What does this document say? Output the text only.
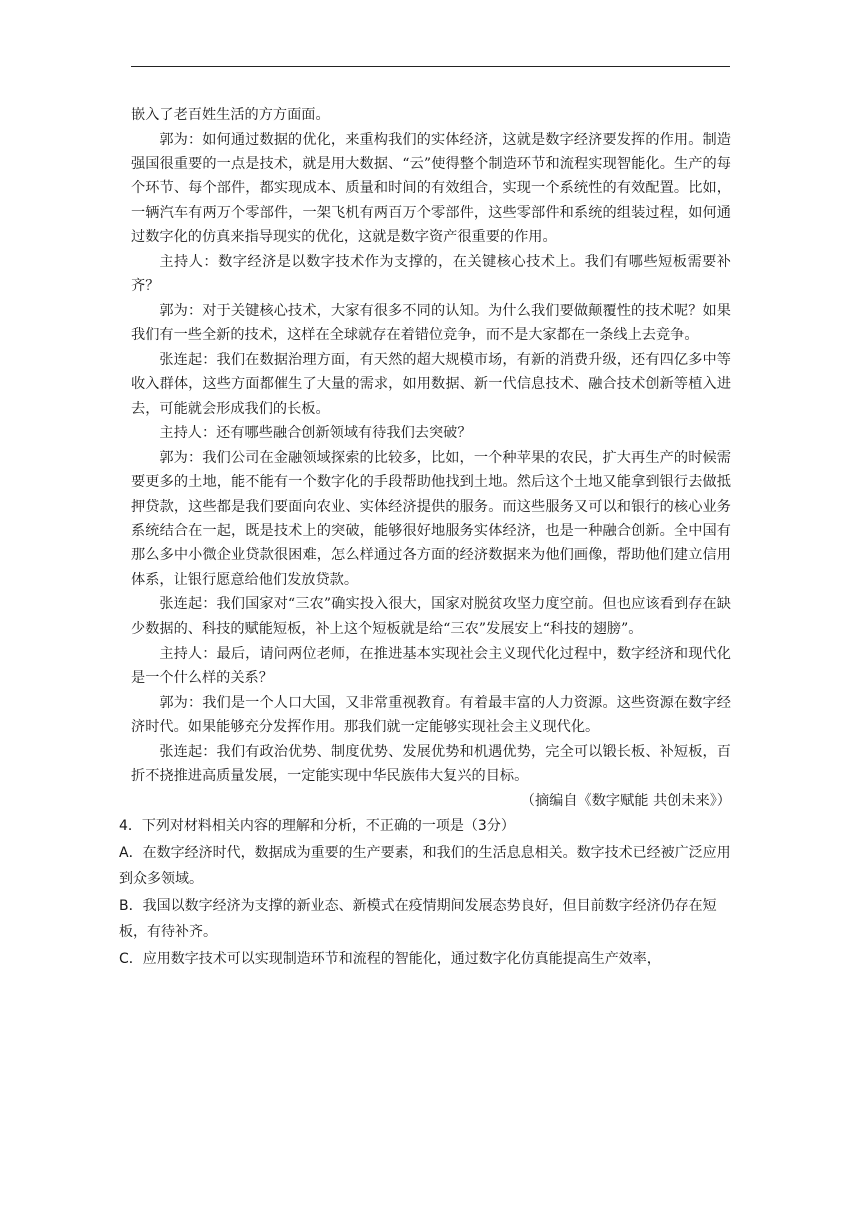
嵌入了老百姓生活的方方面面。

郭为：如何通过数据的优化，来重构我们的实体经济，这就是数字经济要发挥的作用。制造强国很重要的一点是技术，就是用大数据、“云”使得整个制造环节和流程实现智能化。生产的每个环节、每个部件，都实现成本、质量和时间的有效组合，实现一个系统性的有效配置。比如，一辆汽车有两万个零部件，一架飞机有两百万个零部件，这些零部件和系统的组装过程，如何通过数字化的仿真来指导现实的优化，这就是数字资产很重要的作用。

主持人：数字经济是以数字技术作为支撑的，在关键核心技术上。我们有哪些短板需要补齐？

郭为：对于关键核心技术，大家有很多不同的认知。为什么我们要做颠覆性的技术呢？如果我们有一些全新的技术，这样在全球就存在着错位竞争，而不是大家都在一条线上去竞争。

张连起：我们在数据治理方面，有天然的超大规模市场，有新的消费升级，还有四亿多中等收入群体，这些方面都催生了大量的需求，如用数据、新一代信息技术、融合技术创新等植入进去，可能就会形成我们的长板。

主持人：还有哪些融合创新领域有待我们去突破？

郭为：我们公司在金融领域探索的比较多，比如，一个种苹果的农民，扩大再生产的时候需要更多的土地，能不能有一个数字化的手段帮助他找到土地。然后这个土地又能拿到银行去做抵押贷款，这些都是我们要面向农业、实体经济提供的服务。而这些服务又可以和银行的核心业务系统结合在一起，既是技术上的突破，能够很好地服务实体经济，也是一种融合创新。全中国有那么多中小微企业贷款很困难，怎么样通过各方面的经济数据来为他们画像，帮助他们建立信用体系，让银行愿意给他们发放贷款。

张连起：我们国家对“三农”确实投入很大，国家对脱贫攻坚力度空前。但也应该看到存在缺少数据的、科技的赋能短板，补上这个短板就是给“三农”发展安上“科技的翅膀”。

主持人：最后，请问两位老师，在推进基本实现社会主义现代化过程中，数字经济和现代化是一个什么样的关系？

郭为：我们是一个人口大国，又非常重视教育。有着最丰富的人力资源。这些资源在数字经济时代。如果能够充分发挥作用。那我们就一定能够实现社会主义现代化。

张连起：我们有政治优势、制度优势、发展优势和机遇优势，完全可以锻长板、补短板，百折不挠推进高质量发展，一定能实现中华民族伟大复兴的目标。

（摘编自《数字赋能 共创未来》）

4．下列对材料相关内容的理解和分析，不正确的一项是（3分）

A．在数字经济时代，数据成为重要的生产要素，和我们的生活息息相关。数字技术已经被广泛应用到众多领域。

B．我国以数字经济为支撑的新业态、新模式在疫情期间发展态势良好，但目前数字经济仍存在短板，有待补齐。

C．应用数字技术可以实现制造环节和流程的智能化，通过数字化仿真能提高生产效率，
